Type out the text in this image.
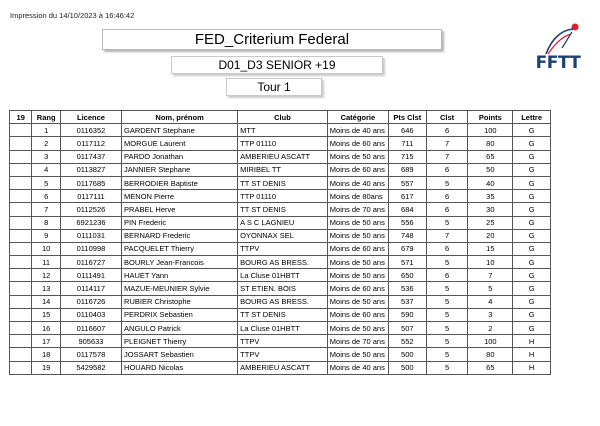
Impression du 14/10/2023 à 16:46:42
FED_Criterium Federal
D01_D3 SENIOR +19
Tour 1
FFTT
19	Rang	Licence	Nom, prénom	Club	Catégorie	Pts Clst	Clst	Points	Lettre
	1	0116352	GARDENT Stephane	MTT	Moins de 40 ans	646	6	100	G
	2	0117112	MORGUE Laurent	TTP 01110	Moins de 60 ans	711	7	80	G
	3	0117437	PARDO Jonathan	AMBERIEU ASCATT	Moins de 50 ans	715	7	65	G
	4	0113827	JANNIER Stephane	MIRIBEL TT	Moins de 60 ans	689	6	50	G
	5	0117685	BERRODIER Baptiste	TT ST DENIS	Moins de 40 ans	557	5	40	G
	6	0117111	MENON Pierre	TTP 01110	Moins de 80ans	617	6	35	G
	7	0112526	PRABEL Herve	TT ST DENIS	Moins de 70 ans	684	6	30	G
	8	6921236	PIN Frederic	A S C LAGNIEU	Moins de 50 ans	556	5	25	G
	9	0111031	BERNARD Frederic	OYONNAX SEL	Moins de 50 ans	748	7	20	G
	10	0110998	PACQUELET Thierry	TTPV	Moins de 60 ans	679	6	15	G
	11	0116727	BOURLY Jean-Francois	BOURG AS BRESS.	Moins de 50 ans	571	5	10	G
	12	0111491	HAUET Yann	La Cluse 01HBTT	Moins de 50 ans	650	6	7	G
	13	0114117	MAZUE-MEUNIER Sylvie	ST ETIEN. BOIS	Moins de 60 ans	536	5	5	G
	14	0116726	RUBIER Christophe	BOURG AS BRESS.	Moins de 50 ans	537	5	4	G
	15	0110403	PERDRIX Sebastien	TT ST DENIS	Moins de 60 ans	590	5	3	G
	16	0116607	ANGULO Patrick	La Cluse 01HBTT	Moins de 50 ans	507	5	2	G
	17	905633	PLEIGNET Thierry	TTPV	Moins de 70 ans	552	5	100	H
	18	0117578	JOSSART Sebastien	TTPV	Moins de 50 ans	500	5	80	H
	19	5429582	HOUARD Nicolas	AMBERIEU ASCATT	Moins de 40 ans	500	5	65	H
